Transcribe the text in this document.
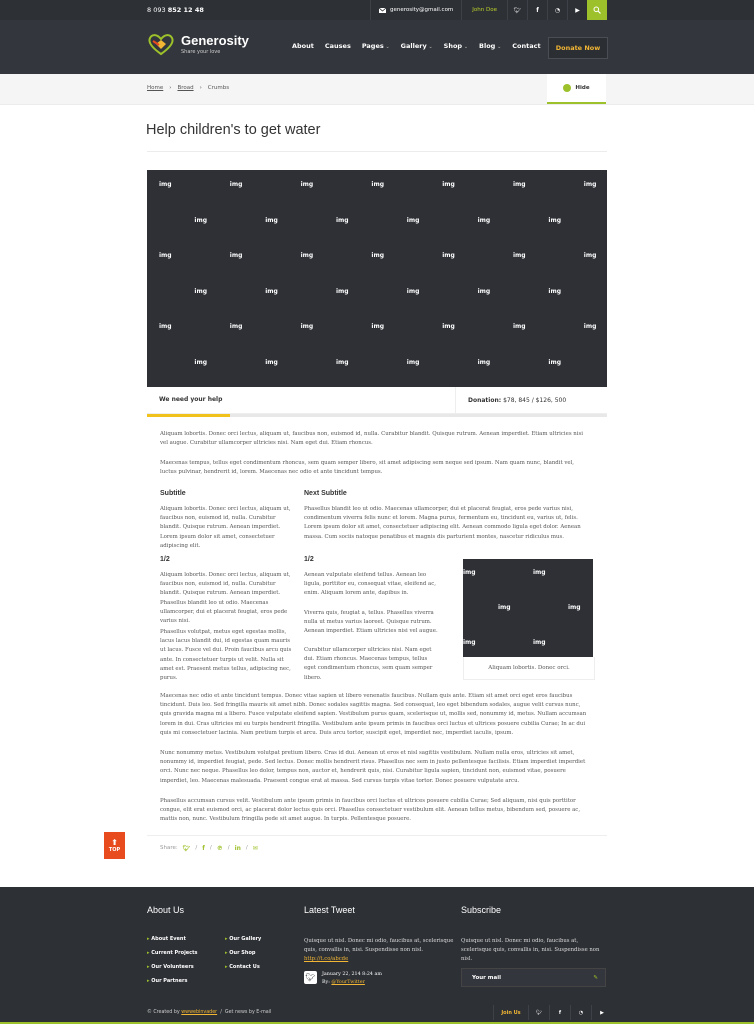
8 093 852 12 48	generosity@gmail.com	John Doe	🐦︎	f	◔	▶
Generosity
Share your love
About Causes Pages ⌄	Gallery ⌄	Shop ⌄	Blog ⌄	Contact	Donate Now
Home › Broad › Crumbs	Hide
Help children's to get water
img	img	img	img	img	img	img
img	img	img	img	img	img
img	img	img	img	img	img	img
img	img	img	img	img	img
img	img	img	img	img	img	img
img	img	img	img	img	img
We need your help	Donation:
$78, 845 / $126, 500
Aliquam lobortis. Donec orci lectus, aliquam ut, faucibus non, euismod id, nulla. Curabitur blandit. Quisque rutrum. Aenean imperdiet. Etiam ultricies nisi vel augue. Curabitur ullamcorper ultricies nisi. Nam eget dui. Etiam rhoncus.
Maecenas tempus, tellus eget condimentum rhoncus, sem quam semper libero, sit amet adipiscing sem neque sed ipsum. Nam quam nunc, blandit vel, luctus pulvinar, hendrerit id, lorem. Maecenas nec odio et ante tincidunt tempus.
Subtitle
Aliquam lobortis. Donec orci lectus, aliquam ut, faucibus non, euismod id, nulla. Curabitur blandit. Quisque rutrum. Aenean imperdiet. Lorem ipsum dolor sit amet, consectetuer adipiscing elit.
Next Subtitle
Phasellus blandit leo ut odio. Maecenas ullamcorper, dui et placerat feugiat, eros pede varius nisi, condimentum viverra felis nunc et lorem. Magna purus, fermentum eu, tincidunt eu, varius ut, felis. Lorem ipsum dolor sit amet, consectetuer adipiscing elit. Aenean commodo ligula eget dolor. Aenean massa. Cum sociis natoque penatibus et magnis dis parturient montes, nascetur ridiculus mus.
1/2
Aliquam lobortis. Donec orci lectus, aliquam ut, faucibus non, euismod id, nulla. Curabitur blandit. Quisque rutrum. Aenean imperdiet. Phasellus blandit leo ut odio. Maecenas ullamcorper, dui et placerat feugiat, eros pede varius nisi.
Phasellus volutpat, metus eget egestas mollis, lacus lacus blandit dui, id egestas quam mauris ut lacus. Fusce vel dui. Proin faucibus arcu quis ante. In consectetuer turpis ut velit. Nulla sit amet est. Praesent metus tellus, adipiscing nec, purus.
1/2
Aenean vulputate eleifend tellus. Aenean leo ligula, porttitor eu, consequat vitae, eleifend ac, enim. Aliquam lorem ante, dapibus in.
Viverra quis, feugiat a, tellus. Phasellus viverra nulla ut metus varius laoreet. Quisque rutrum. Aenean imperdiet. Etiam ultricies nisi vel augue.
Curabitur ullamcorper ultricies nisi. Nam eget dui. Etiam rhoncus. Maecenas tempus, tellus eget condimentum rhoncus, sem quam semper libero.
img	img
img	img
img	img
Aliquam lobortis. Donec orci.
Maecenas nec odio et ante tincidunt tempus. Donec vitae sapien ut libero venenatis faucibus. Nullam quis ante. Etiam sit amet orci eget eros faucibus tincidunt. Duis leo. Sed fringilla mauris sit amet nibh. Donec sodales sagittis magna. Sed consequat, leo eget bibendum sodales, augue velit cursus nunc, quis gravida magna mi a libero. Fusce vulputate eleifend sapien. Vestibulum purus quam, scelerisque ut, mollis sed, nonummy id, metus. Nullam accumsan lorem in dui. Cras ultricies mi eu turpis hendrerit fringilla. Vestibulum ante ipsum primis in faucibus orci luctus et ultrices posuere cubilia Curae; In ac dui quis mi consectetuer lacinia. Nam pretium turpis et arcu. Duis arcu tortor, suscipit eget, imperdiet nec, imperdiet iaculis, ipsum.
Nunc nonummy metus. Vestibulum volutpat pretium libero. Cras id dui. Aenean ut eros et nisl sagittis vestibulum. Nullam nulla eros, ultricies sit amet, nonummy id, imperdiet feugiat, pede. Sed lectus. Donec mollis hendrerit risus. Phasellus nec sem in justo pellentesque facilisis. Etiam imperdiet imperdiet orci. Nunc nec neque. Phasellus leo dolor, tempus non, auctor et, hendrerit quis, nisi. Curabitur ligula sapien, tincidunt non, euismod vitae, posuere imperdiet, leo. Maecenas malesuada. Praesent congue erat at massa. Sed cursus turpis vitae tortor. Donec posuere vulputate arcu.
Phasellus accumsan cursus velit. Vestibulum ante ipsum primis in faucibus orci luctus et ultrices posuere cubilia Curae; Sed aliquam, nisi quis porttitor congue, elit erat euismod orci, ac placerat dolor lectus quis orci. Phasellus consectetuer vestibulum elit. Aenean tellus metus, bibendum sed, posuere ac, mattis non, nunc. Vestibulum fringilla pede sit amet augue. In turpis. Pellentesque posuere.
Share: 🐦︎ / f / ℗ / in / ✉
⬆
TOP
About Us
▸ About Event
▸ Current Projects
▸ Our Volunteers
▸ Our Partners
▸ Our Gallery
▸ Our Shop
▸ Contact Us
Latest Tweet
Quisque ut nisl. Donec mi odio, faucibus at, scelerisque quis, convallis in, nisi. Suspendisse non nisl.
http://t.co/abcde
🐦︎ January 22, 214 8:24 am
By: @YourTwitter
Subscribe
Quisque ut nisl. Donec mi odio, faucibus at, scelerisque quis, convallis in, nisi. Suspendisse non nisl.
Your mail	✎
© Created by wwwebinvader / Get news by E-mail	Join Us	🐦︎	f	◔	▶
